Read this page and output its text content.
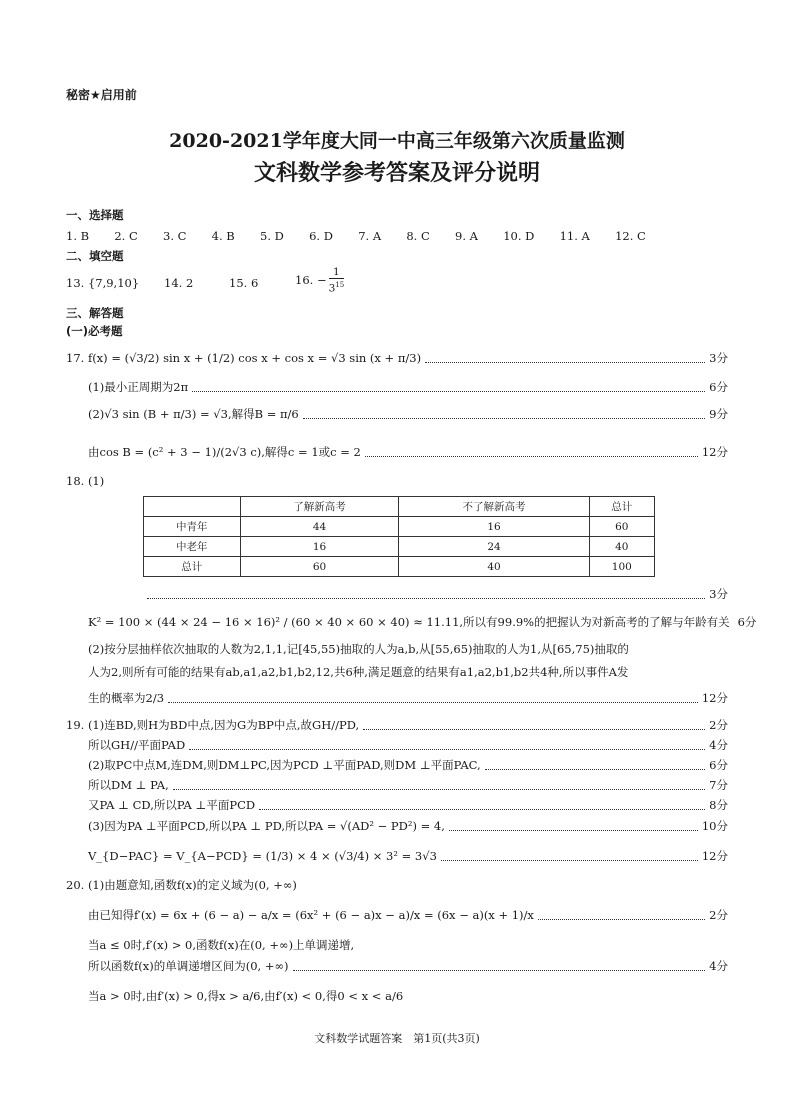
秘密★启用前
2020-2021学年度大同一中高三年级第六次质量监测
文科数学参考答案及评分说明
一、选择题
1. B 2. C 3. C 4. B 5. D 6. D 7. A 8. C 9. A 10. D 11. A 12. C
二、填空题
13. {7,9,10} 14. 2	15. 6	16. − $\frac{1}{3^{15}}$
三、解答题
(一)必考题
17. f(x) = (√3/2) sin x + (1/2) cos x + cos x = √3 sin (x + π/3)	3分
(1)最小正周期为2π	6分
(2)√3 sin (B + π/3) = √3,解得B = π/6	9分
由cos B = (c² + 3 − 1)/(2√3 c),解得c = 1或c = 2	12分
18. (1)
	了解新高考	不了解新高考	总计
中青年	44	16	60
中老年	16	24	40
总计	60	40	100
3分
K² = 100 × (44 × 24 − 16 × 16)² / (60 × 40 × 60 × 40) ≈ 11.11,所以有99.9%的把握认为对新高考的了解与年龄有关 6分
(2)按分层抽样依次抽取的人数为2,1,1,记[45,55)抽取的人为a,b,从[55,65)抽取的人为1,从[65,75)抽取的
人为2,则所有可能的结果有ab,a1,a2,b1,b2,12,共6种,满足题意的结果有a1,a2,b1,b2共4种,所以事件A发
生的概率为2/3	12分
19. (1)连BD,则H为BD中点,因为G为BP中点,故GH//PD,	2分
所以GH//平面PAD	4分
(2)取PC中点M,连DM,则DM⊥PC,因为PCD ⊥平面PAD,则DM ⊥平面PAC,	6分
所以DM ⊥ PA,	7分
又PA ⊥ CD,所以PA ⊥平面PCD	8分
(3)因为PA ⊥平面PCD,所以PA ⊥ PD,所以PA = √(AD² − PD²) = 4,	10分
V_{D−PAC} = V_{A−PCD} = (1/3) × 4 × (√3/4) × 3² = 3√3	12分
20. (1)由题意知,函数f(x)的定义域为(0, +∞)
由已知得f′(x) = 6x + (6 − a) − a/x = (6x² + (6 − a)x − a)/x = (6x − a)(x + 1)/x	2分
当a ≤ 0时,f′(x) > 0,函数f(x)在(0, +∞)上单调递增,
所以函数f(x)的单调递增区间为(0, +∞)	4分
当a > 0时,由f′(x) > 0,得x > a/6,由f′(x) < 0,得0 < x < a/6
文科数学试题答案　第1页(共3页)
